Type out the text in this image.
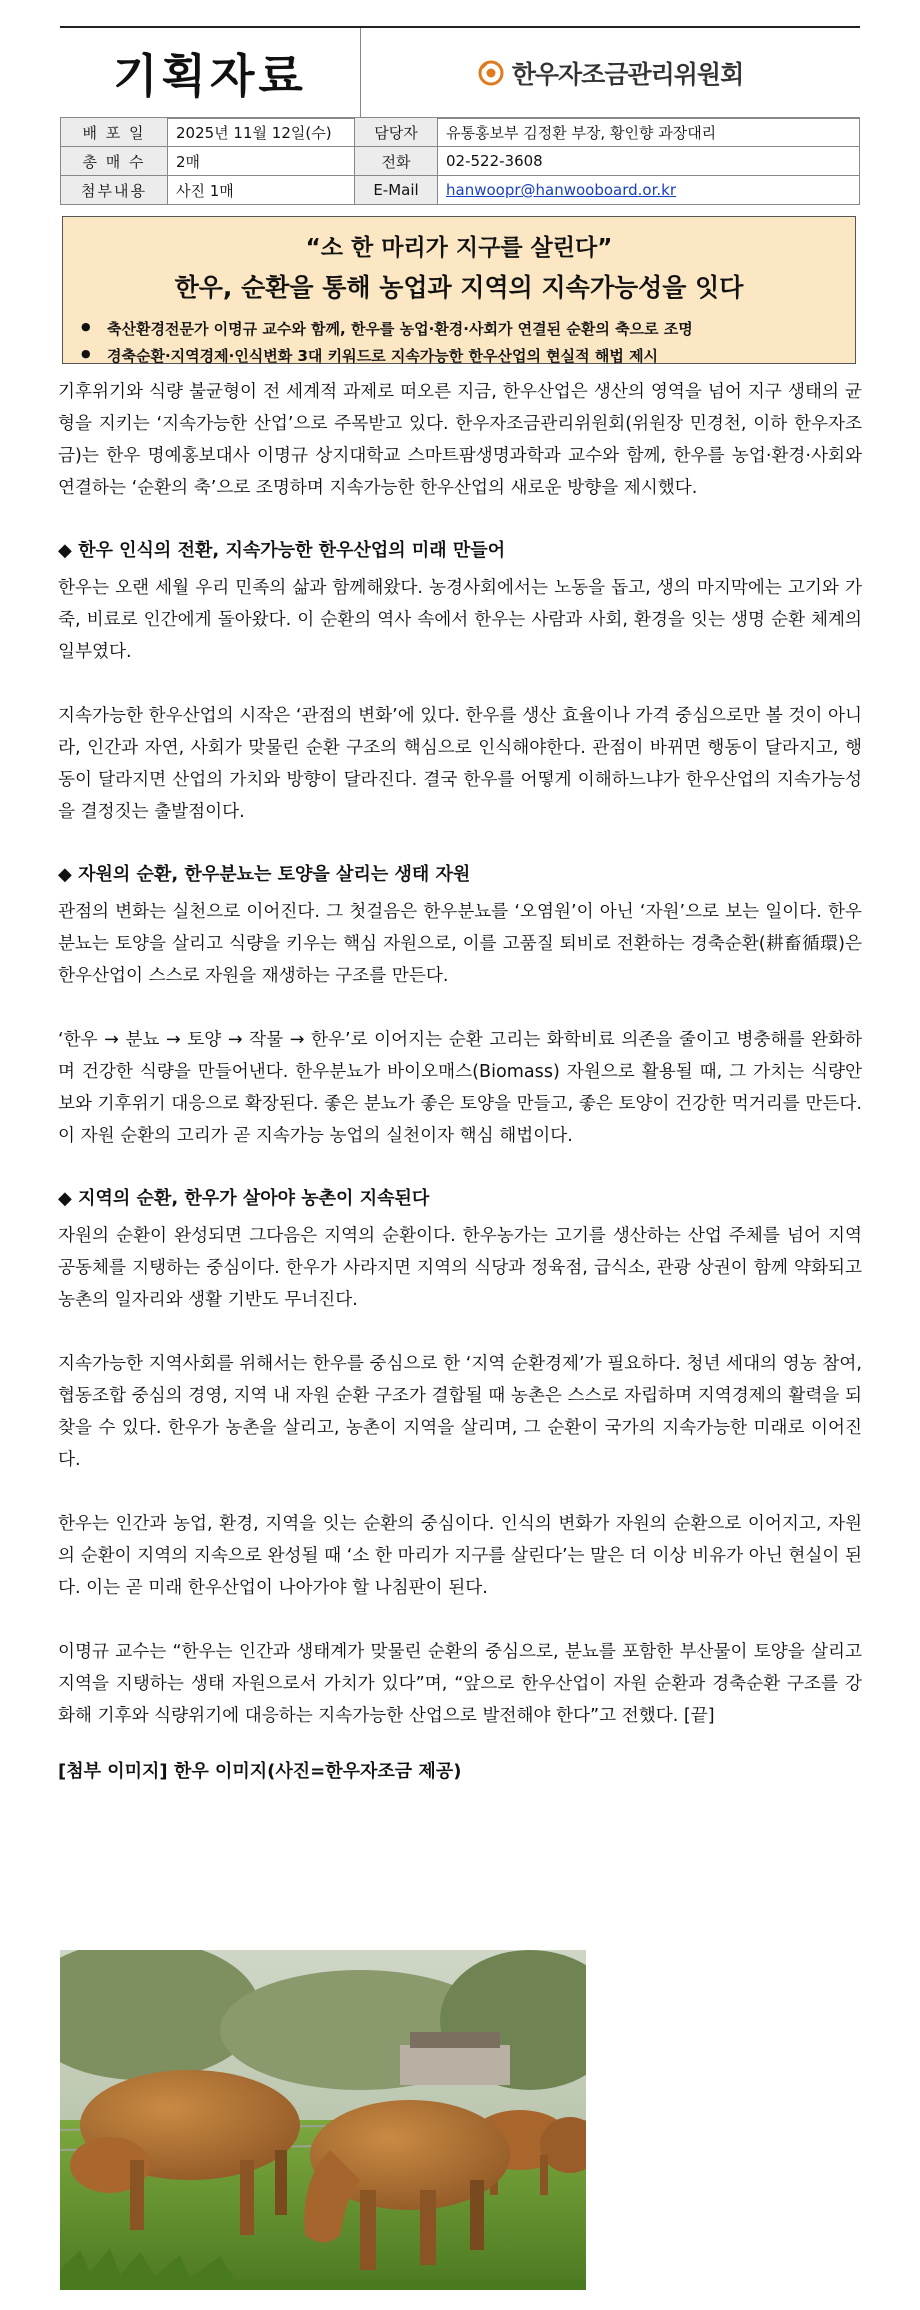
기획자료	한우자조금관리위원회
배 포 일	2025년 11월 12일(수)	담당자	유통홍보부 김정환 부장, 황인향 과장대리
총 매 수	2매	전화	02-522-3608
첨부내용	사진 1매	E-Mail	hanwoopr@hanwooboard.or.kr
“소 한 마리가 지구를 살린다”
한우, 순환을 통해 농업과 지역의 지속가능성을 잇다
● 축산환경전문가 이명규 교수와 함께, 한우를 농업·환경·사회가 연결된 순환의 축으로 조명
● 경축순환·지역경제·인식변화 3대 키워드로 지속가능한 한우산업의 현실적 해법 제시

기후위기와 식량 불균형이 전 세계적 과제로 떠오른 지금, 한우산업은 생산의 영역을 넘어 지구 생태의 균형을 지키는 ‘지속가능한 산업’으로 주목받고 있다. 한우자조금관리위원회(위원장 민경천, 이하 한우자조금)는 한우 명예홍보대사 이명규 상지대학교 스마트팜생명과학과 교수와 함께, 한우를 농업·환경·사회와 연결하는 ‘순환의 축’으로 조명하며 지속가능한 한우산업의 새로운 방향을 제시했다.

◆ 한우 인식의 전환, 지속가능한 한우산업의 미래 만들어

한우는 오랜 세월 우리 민족의 삶과 함께해왔다. 농경사회에서는 노동을 돕고, 생의 마지막에는 고기와 가죽, 비료로 인간에게 돌아왔다. 이 순환의 역사 속에서 한우는 사람과 사회, 환경을 잇는 생명 순환 체계의 일부였다.

지속가능한 한우산업의 시작은 ‘관점의 변화’에 있다. 한우를 생산 효율이나 가격 중심으로만 볼 것이 아니라, 인간과 자연, 사회가 맞물린 순환 구조의 핵심으로 인식해야한다. 관점이 바뀌면 행동이 달라지고, 행동이 달라지면 산업의 가치와 방향이 달라진다. 결국 한우를 어떻게 이해하느냐가 한우산업의 지속가능성을 결정짓는 출발점이다.

◆ 자원의 순환, 한우분뇨는 토양을 살리는 생태 자원

관점의 변화는 실천으로 이어진다. 그 첫걸음은 한우분뇨를 ‘오염원’이 아닌 ‘자원’으로 보는 일이다. 한우분뇨는 토양을 살리고 식량을 키우는 핵심 자원으로, 이를 고품질 퇴비로 전환하는 경축순환(耕畜循環)은 한우산업이 스스로 자원을 재생하는 구조를 만든다.

‘한우 → 분뇨 → 토양 → 작물 → 한우’로 이어지는 순환 고리는 화학비료 의존을 줄이고 병충해를 완화하며 건강한 식량을 만들어낸다. 한우분뇨가 바이오매스(Biomass) 자원으로 활용될 때, 그 가치는 식량안보와 기후위기 대응으로 확장된다. 좋은 분뇨가 좋은 토양을 만들고, 좋은 토양이 건강한 먹거리를 만든다. 이 자원 순환의 고리가 곧 지속가능 농업의 실천이자 핵심 해법이다.

◆ 지역의 순환, 한우가 살아야 농촌이 지속된다

자원의 순환이 완성되면 그다음은 지역의 순환이다. 한우농가는 고기를 생산하는 산업 주체를 넘어 지역 공동체를 지탱하는 중심이다. 한우가 사라지면 지역의 식당과 정육점, 급식소, 관광 상권이 함께 약화되고 농촌의 일자리와 생활 기반도 무너진다.

지속가능한 지역사회를 위해서는 한우를 중심으로 한 ‘지역 순환경제’가 필요하다. 청년 세대의 영농 참여, 협동조합 중심의 경영, 지역 내 자원 순환 구조가 결합될 때 농촌은 스스로 자립하며 지역경제의 활력을 되찾을 수 있다. 한우가 농촌을 살리고, 농촌이 지역을 살리며, 그 순환이 국가의 지속가능한 미래로 이어진다.

한우는 인간과 농업, 환경, 지역을 잇는 순환의 중심이다. 인식의 변화가 자원의 순환으로 이어지고, 자원의 순환이 지역의 지속으로 완성될 때 ‘소 한 마리가 지구를 살린다’는 말은 더 이상 비유가 아닌 현실이 된다. 이는 곧 미래 한우산업이 나아가야 할 나침판이 된다.

이명규 교수는 “한우는 인간과 생태계가 맞물린 순환의 중심으로, 분뇨를 포함한 부산물이 토양을 살리고 지역을 지탱하는 생태 자원으로서 가치가 있다”며, “앞으로 한우산업이 자원 순환과 경축순환 구조를 강화해 기후와 식량위기에 대응하는 지속가능한 산업으로 발전해야 한다”고 전했다. [끝]

[첨부 이미지] 한우 이미지(사진=한우자조금 제공)
